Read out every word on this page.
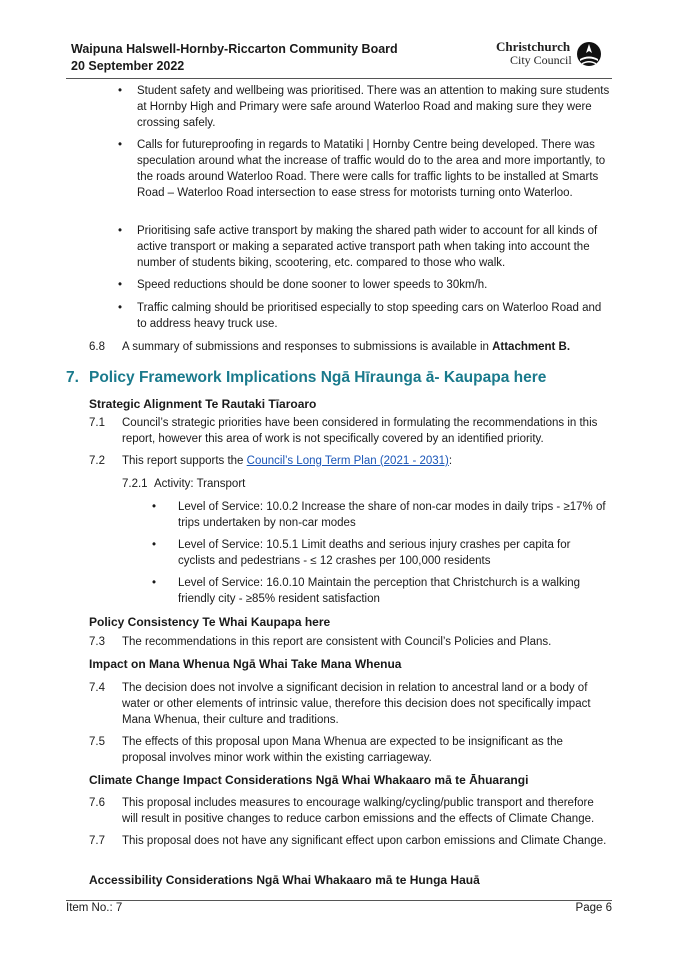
Waipuna Halswell-Hornby-Riccarton Community Board
20 September 2022
Christchurch
City Council
• Student safety and wellbeing was prioritised. There was an attention to making sure students at Hornby High and Primary were safe around Waterloo Road and making sure they were crossing safely.
• Calls for futureproofing in regards to Matatiki | Hornby Centre being developed. There was speculation around what the increase of traffic would do to the area and more importantly, to the roads around Waterloo Road. There were calls for traffic lights to be installed at Smarts Road – Waterloo Road intersection to ease stress for motorists turning onto Waterloo.
• Prioritising safe active transport by making the shared path wider to account for all kinds of active transport or making a separated active transport path when taking into account the number of students biking, scootering, etc. compared to those who walk.
• Speed reductions should be done sooner to lower speeds to 30km/h.
• Traffic calming should be prioritised especially to stop speeding cars on Waterloo Road and to address heavy truck use.
6.8 A summary of submissions and responses to submissions is available in Attachment B.
7. Policy Framework Implications Ngā Hīraunga ā- Kaupapa here
Strategic Alignment Te Rautaki Tīaroaro
7.1 Council’s strategic priorities have been considered in formulating the recommendations in this report, however this area of work is not specifically covered by an identified priority.
7.2 This report supports the Council’s Long Term Plan (2021 - 2031):
7.2.1 Activity: Transport
• Level of Service: 10.0.2 Increase the share of non-car modes in daily trips - ≥17% of trips undertaken by non-car modes
• Level of Service: 10.5.1 Limit deaths and serious injury crashes per capita for cyclists and pedestrians - ≤ 12 crashes per 100,000 residents
• Level of Service: 16.0.10 Maintain the perception that Christchurch is a walking friendly city - ≥85% resident satisfaction
Policy Consistency Te Whai Kaupapa here
7.3 The recommendations in this report are consistent with Council’s Policies and Plans.
Impact on Mana Whenua Ngā Whai Take Mana Whenua
7.4 The decision does not involve a significant decision in relation to ancestral land or a body of water or other elements of intrinsic value, therefore this decision does not specifically impact Mana Whenua, their culture and traditions.
7.5 The effects of this proposal upon Mana Whenua are expected to be insignificant as the proposal involves minor work within the existing carriageway.
Climate Change Impact Considerations Ngā Whai Whakaaro mā te Āhuarangi
7.6 This proposal includes measures to encourage walking/cycling/public transport and therefore will result in positive changes to reduce carbon emissions and the effects of Climate Change.
7.7 This proposal does not have any significant effect upon carbon emissions and Climate Change.
Accessibility Considerations Ngā Whai Whakaaro mā te Hunga Hauā
Item No.: 7	Page 6
